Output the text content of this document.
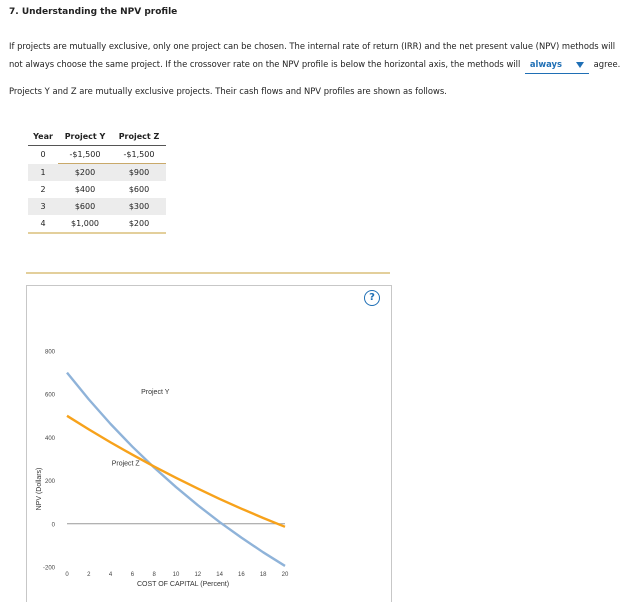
7. Understanding the NPV profile
If projects are mutually exclusive, only one project can be chosen. The internal rate of return (IRR) and the net present value (NPV) methods will not always choose the same project. If the crossover rate on the NPV profile is below the horizontal axis, the methods will always	agree.
Projects Y and Z are mutually exclusive projects. Their cash flows and NPV profiles are shown as follows.
Year	Project Y	Project Z
0	-$1,500	-$1,500
1	$200	$900
2	$400	$600
3	$600	$300
4	$1,000	$200
?
-200
0
200
400
600
800
0	2	4	6	8	10	12	14	16	18	20
COST OF CAPITAL (Percent)
NPV (Dollars)
Project Y
Project Z
